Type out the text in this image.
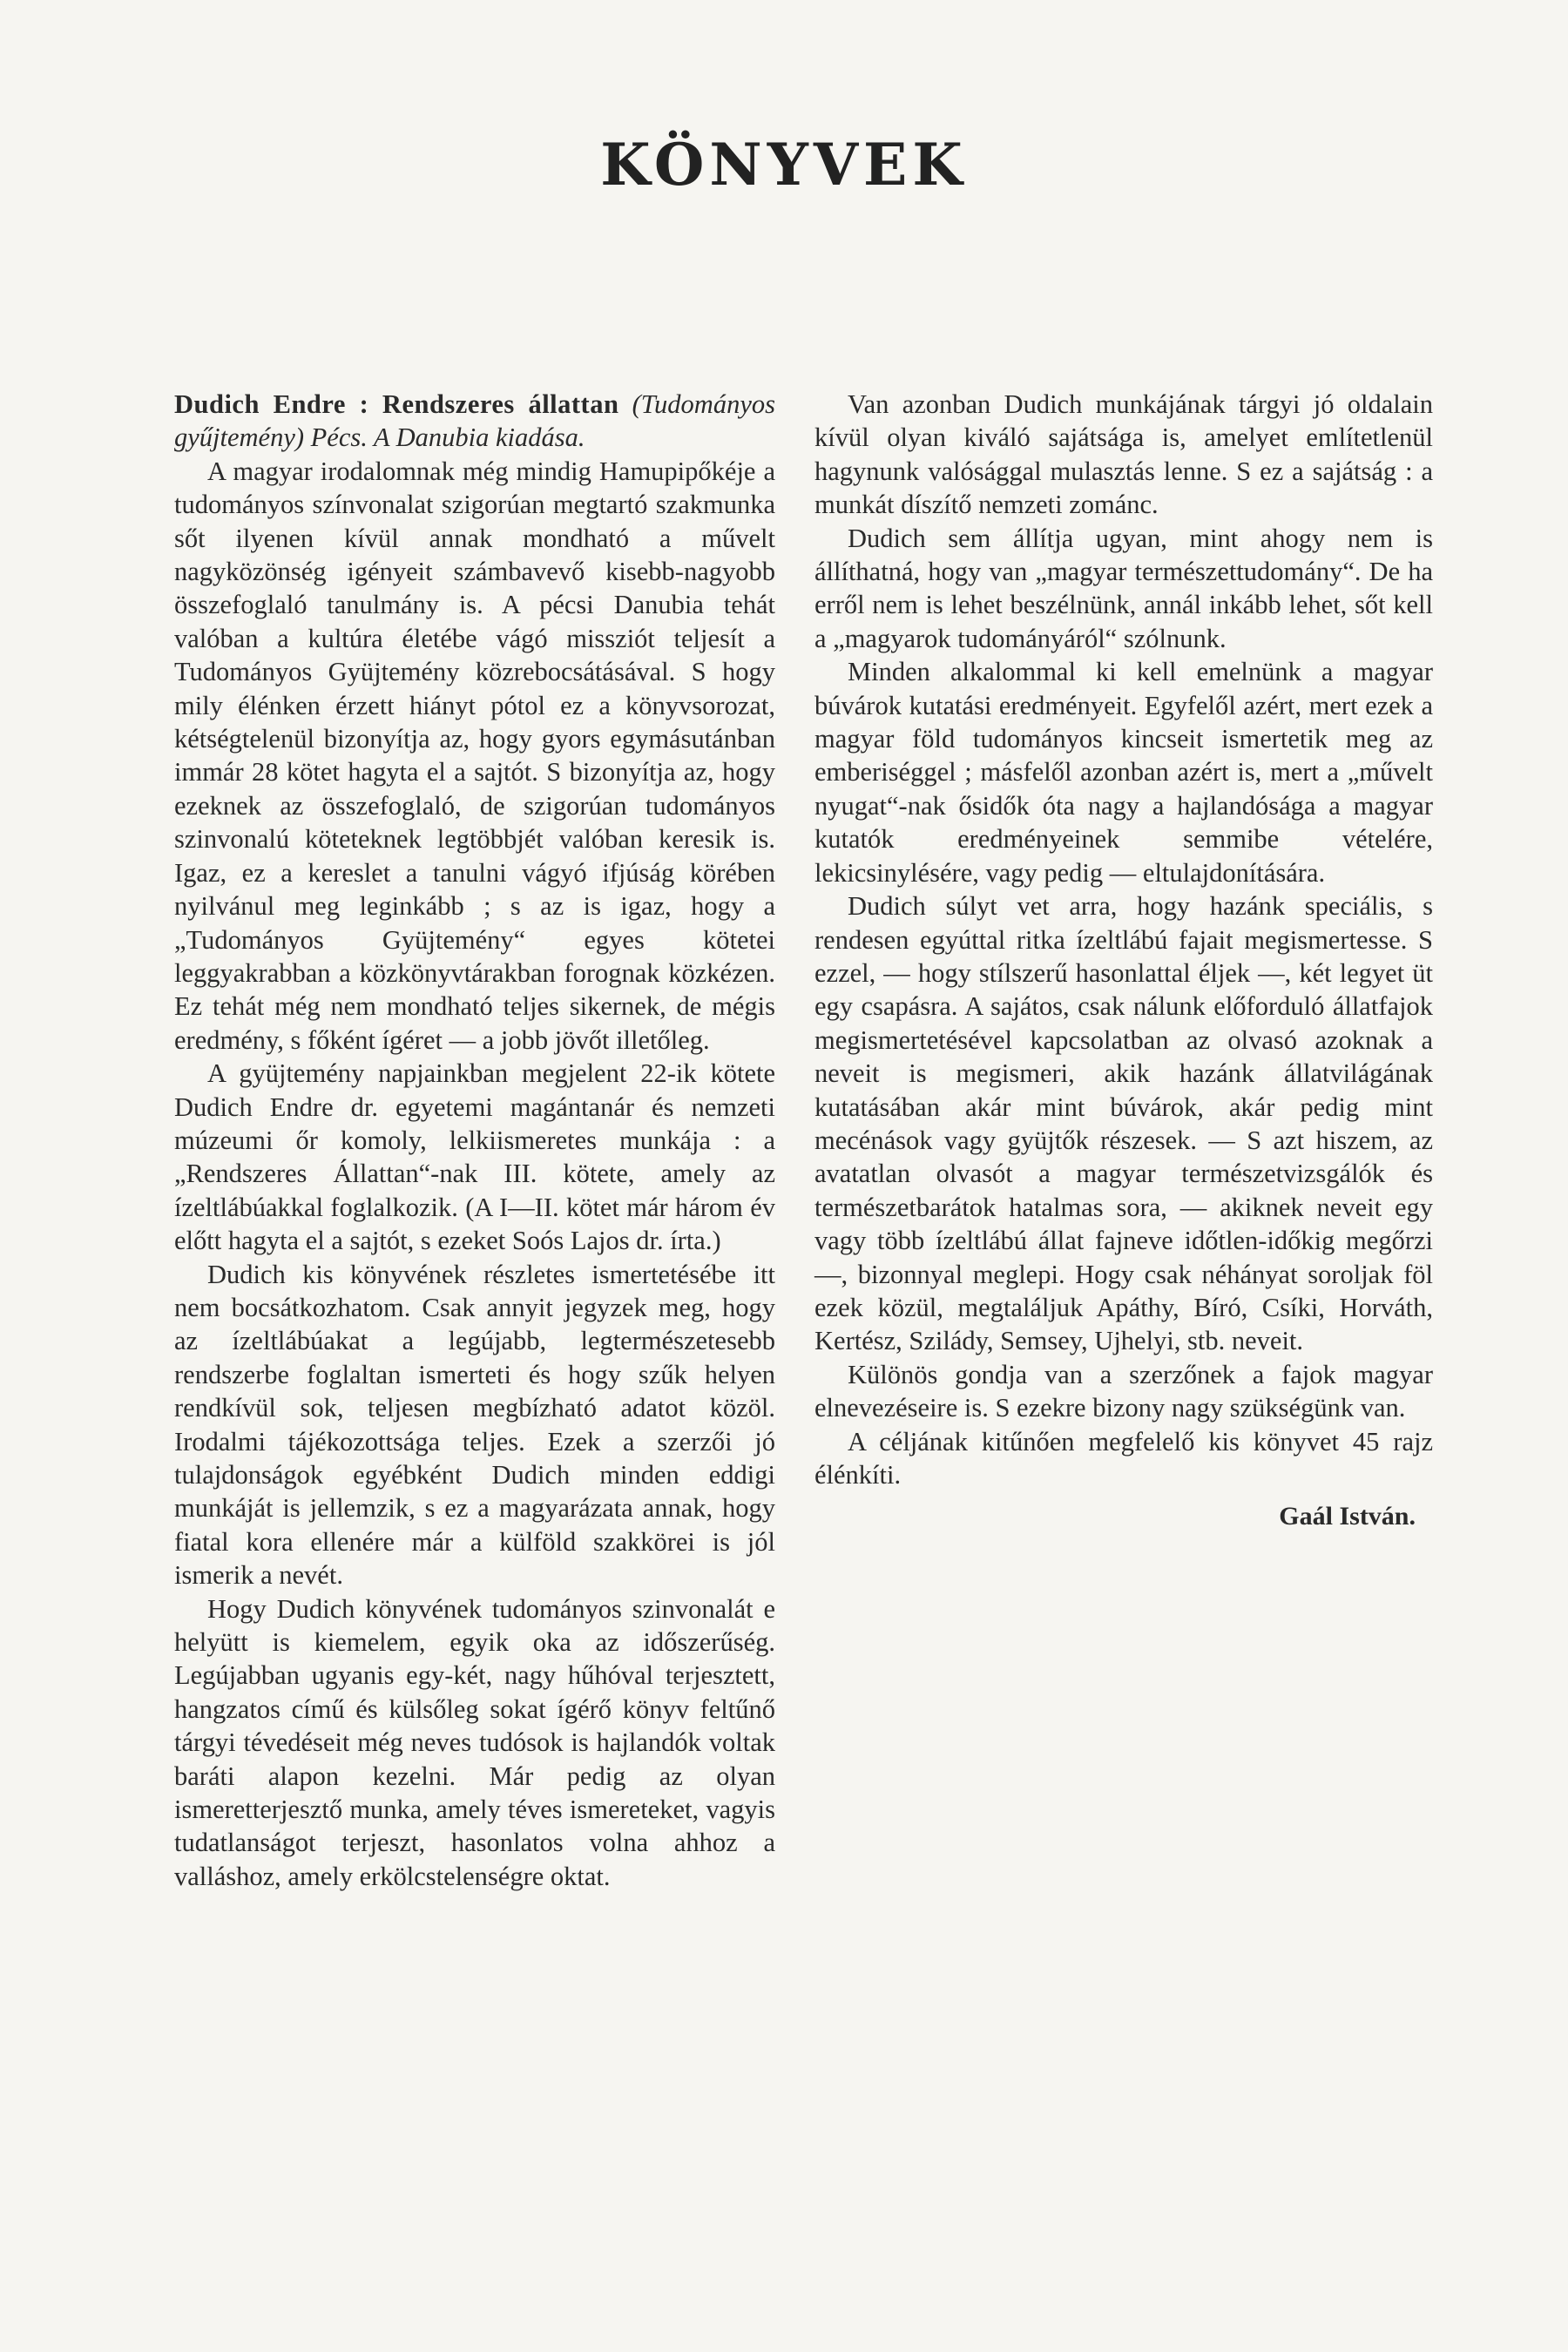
KÖNYVEK

Dudich Endre : Rendszeres állattan (Tudományos gyűjtemény) Pécs. A Danubia kiadása.

A magyar irodalomnak még mindig Hamupipőkéje a tudományos színvonalat szigorúan megtartó szakmunka sőt ilyenen kívül annak mondható a művelt nagyközönség igényeit számbavevő kisebb-nagyobb összefoglaló tanulmány is. A pécsi Danubia tehát valóban a kultúra életébe vágó missziót teljesít a Tudományos Gyüjtemény közrebocsátásával. S hogy mily élénken érzett hiányt pótol ez a könyvsorozat, kétségtelenül bizonyítja az, hogy gyors egymásutánban immár 28 kötet hagyta el a sajtót. S bizonyítja az, hogy ezeknek az összefoglaló, de szigorúan tudományos szinvonalú köteteknek legtöbbjét valóban keresik is. Igaz, ez a kereslet a tanulni vágyó ifjúság körében nyilvánul meg leginkább ; s az is igaz, hogy a „Tudományos Gyüjtemény“ egyes kötetei leggyakrabban a közkönyvtárakban forognak közkézen. Ez tehát még nem mondható teljes sikernek, de mégis eredmény, s főként ígéret — a jobb jövőt illetőleg.

A gyüjtemény napjainkban megjelent 22-ik kötete Dudich Endre dr. egyetemi magántanár és nemzeti múzeumi őr komoly, lelkiismeretes munkája : a „Rendszeres Állattan“-nak III. kötete, amely az ízeltlábúakkal foglalkozik. (A I—II. kötet már három év előtt hagyta el a sajtót, s ezeket Soós Lajos dr. írta.)

Dudich kis könyvének részletes ismertetésébe itt nem bocsátkozhatom. Csak annyit jegyzek meg, hogy az ízeltlábúakat a legújabb, legtermészetesebb rendszerbe foglaltan ismerteti és hogy szűk helyen rendkívül sok, teljesen megbízható adatot közöl. Irodalmi tájékozottsága teljes. Ezek a szerzői jó tulajdonságok egyébként Dudich minden eddigi munkáját is jellemzik, s ez a magyarázata annak, hogy fiatal kora ellenére már a külföld szakkörei is jól ismerik a nevét.

Hogy Dudich könyvének tudományos szinvonalát e helyütt is kiemelem, egyik oka az időszerűség. Legújabban ugyanis egy-két, nagy hűhóval terjesztett, hangzatos című és külsőleg sokat ígérő könyv feltűnő tárgyi tévedéseit még neves tudósok is hajlandók voltak baráti alapon kezelni. Már pedig az olyan ismeretterjesztő munka, amely téves ismereteket, vagyis tudatlanságot terjeszt, hasonlatos volna ahhoz a valláshoz, amely erkölcstelenségre oktat.

Van azonban Dudich munkájának tárgyi jó oldalain kívül olyan kiváló sajátsága is, amelyet említetlenül hagynunk valósággal mulasztás lenne. S ez a sajátság : a munkát díszítő nemzeti zománc.

Dudich sem állítja ugyan, mint ahogy nem is állíthatná, hogy van „magyar természettudomány“. De ha erről nem is lehet beszélnünk, annál inkább lehet, sőt kell a „magyarok tudományáról“ szólnunk.

Minden alkalommal ki kell emelnünk a magyar búvárok kutatási eredményeit. Egyfelől azért, mert ezek a magyar föld tudományos kincseit ismertetik meg az emberiséggel ; másfelől azonban azért is, mert a „művelt nyugat“-nak ősidők óta nagy a hajlandósága a magyar kutatók eredményeinek semmibe vételére, lekicsinylésére, vagy pedig — eltulajdonítására.

Dudich súlyt vet arra, hogy hazánk speciális, s rendesen egyúttal ritka ízeltlábú fajait megismertesse. S ezzel, — hogy stílszerű hasonlattal éljek —, két legyet üt egy csapásra. A sajátos, csak nálunk előforduló állatfajok megismertetésével kapcsolatban az olvasó azoknak a neveit is megismeri, akik hazánk állatvilágának kutatásában akár mint búvárok, akár pedig mint mecénások vagy gyüjtők részesek. — S azt hiszem, az avatatlan olvasót a magyar természetvizsgálók és természetbarátok hatalmas sora, — akiknek neveit egy vagy több ízeltlábú állat fajneve időtlen-időkig megőrzi —, bizonnyal meglepi. Hogy csak néhányat soroljak föl ezek közül, megtaláljuk Apáthy, Bíró, Csíki, Horváth, Kertész, Szilády, Semsey, Ujhelyi, stb. neveit.

Különös gondja van a szerzőnek a fajok magyar elnevezéseire is. S ezekre bizony nagy szükségünk van.

A céljának kitűnően megfelelő kis könyvet 45 rajz élénkíti.

Gaál István.
